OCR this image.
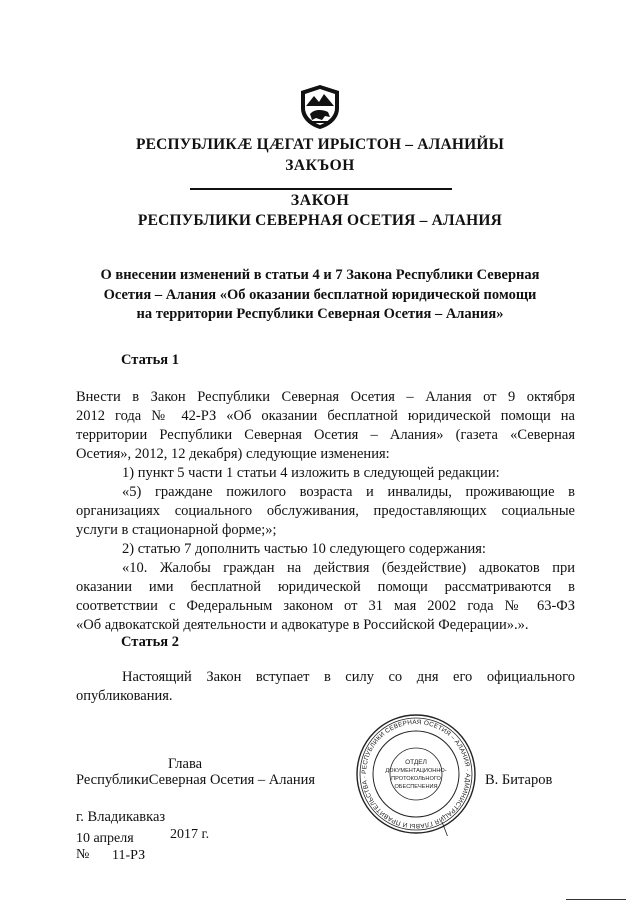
РЕСПУБЛИКӔ ЦӔГАТ ИРЫСТОН – АЛАНИЙЫ
ЗАКЪОН
ЗАКОН
РЕСПУБЛИКИ СЕВЕРНАЯ ОСЕТИЯ – АЛАНИЯ
О внесении изменений в статьи 4 и 7 Закона Республики Северная
Осетия – Алания «Об оказании бесплатной юридической помощи
на территории Республики Северная Осетия – Алания»
Статья 1
Внести в Закон Республики Северная Осетия – Алания от 9 октября
2012 года № 42-РЗ «Об оказании бесплатной юридической помощи на
территории Республики Северная Осетия – Алания» (газета «Северная
Осетия», 2012, 12 декабря) следующие изменения:
1) пункт 5 части 1 статьи 4 изложить в следующей редакции:
«5) граждане пожилого возраста и инвалиды, проживающие в
организациях социального обслуживания, предоставляющих социальные
услуги в стационарной форме;»;
2) статью 7 дополнить частью 10 следующего содержания:
«10. Жалобы граждан на действия (бездействие) адвокатов при
оказании ими бесплатной юридической помощи рассматриваются в
соответствии с Федеральным законом от 31 мая 2002 года № 63-ФЗ
«Об адвокатской деятельности и адвокатуре в Российской Федерации».».
Статья 2
Настоящий Закон вступает в силу со дня его официального
опубликования.
Глава
РеспубликиСеверная Осетия – Алания	В. Битаров
РЕСПУБЛИКИ СЕВЕРНАЯ ОСЕТИЯ – АЛАНИЯ · АДМИНИСТРАЦИЯ ГЛАВЫ И ПРАВИТЕЛЬСТВА ·
ОТДЕЛ
ДОКУМЕНТАЦИОННО-
ПРОТОКОЛЬНОГО
ОБЕСПЕЧЕНИЯ
г. Владикавказ
10 апреля	2017 г.
№ 11-РЗ
